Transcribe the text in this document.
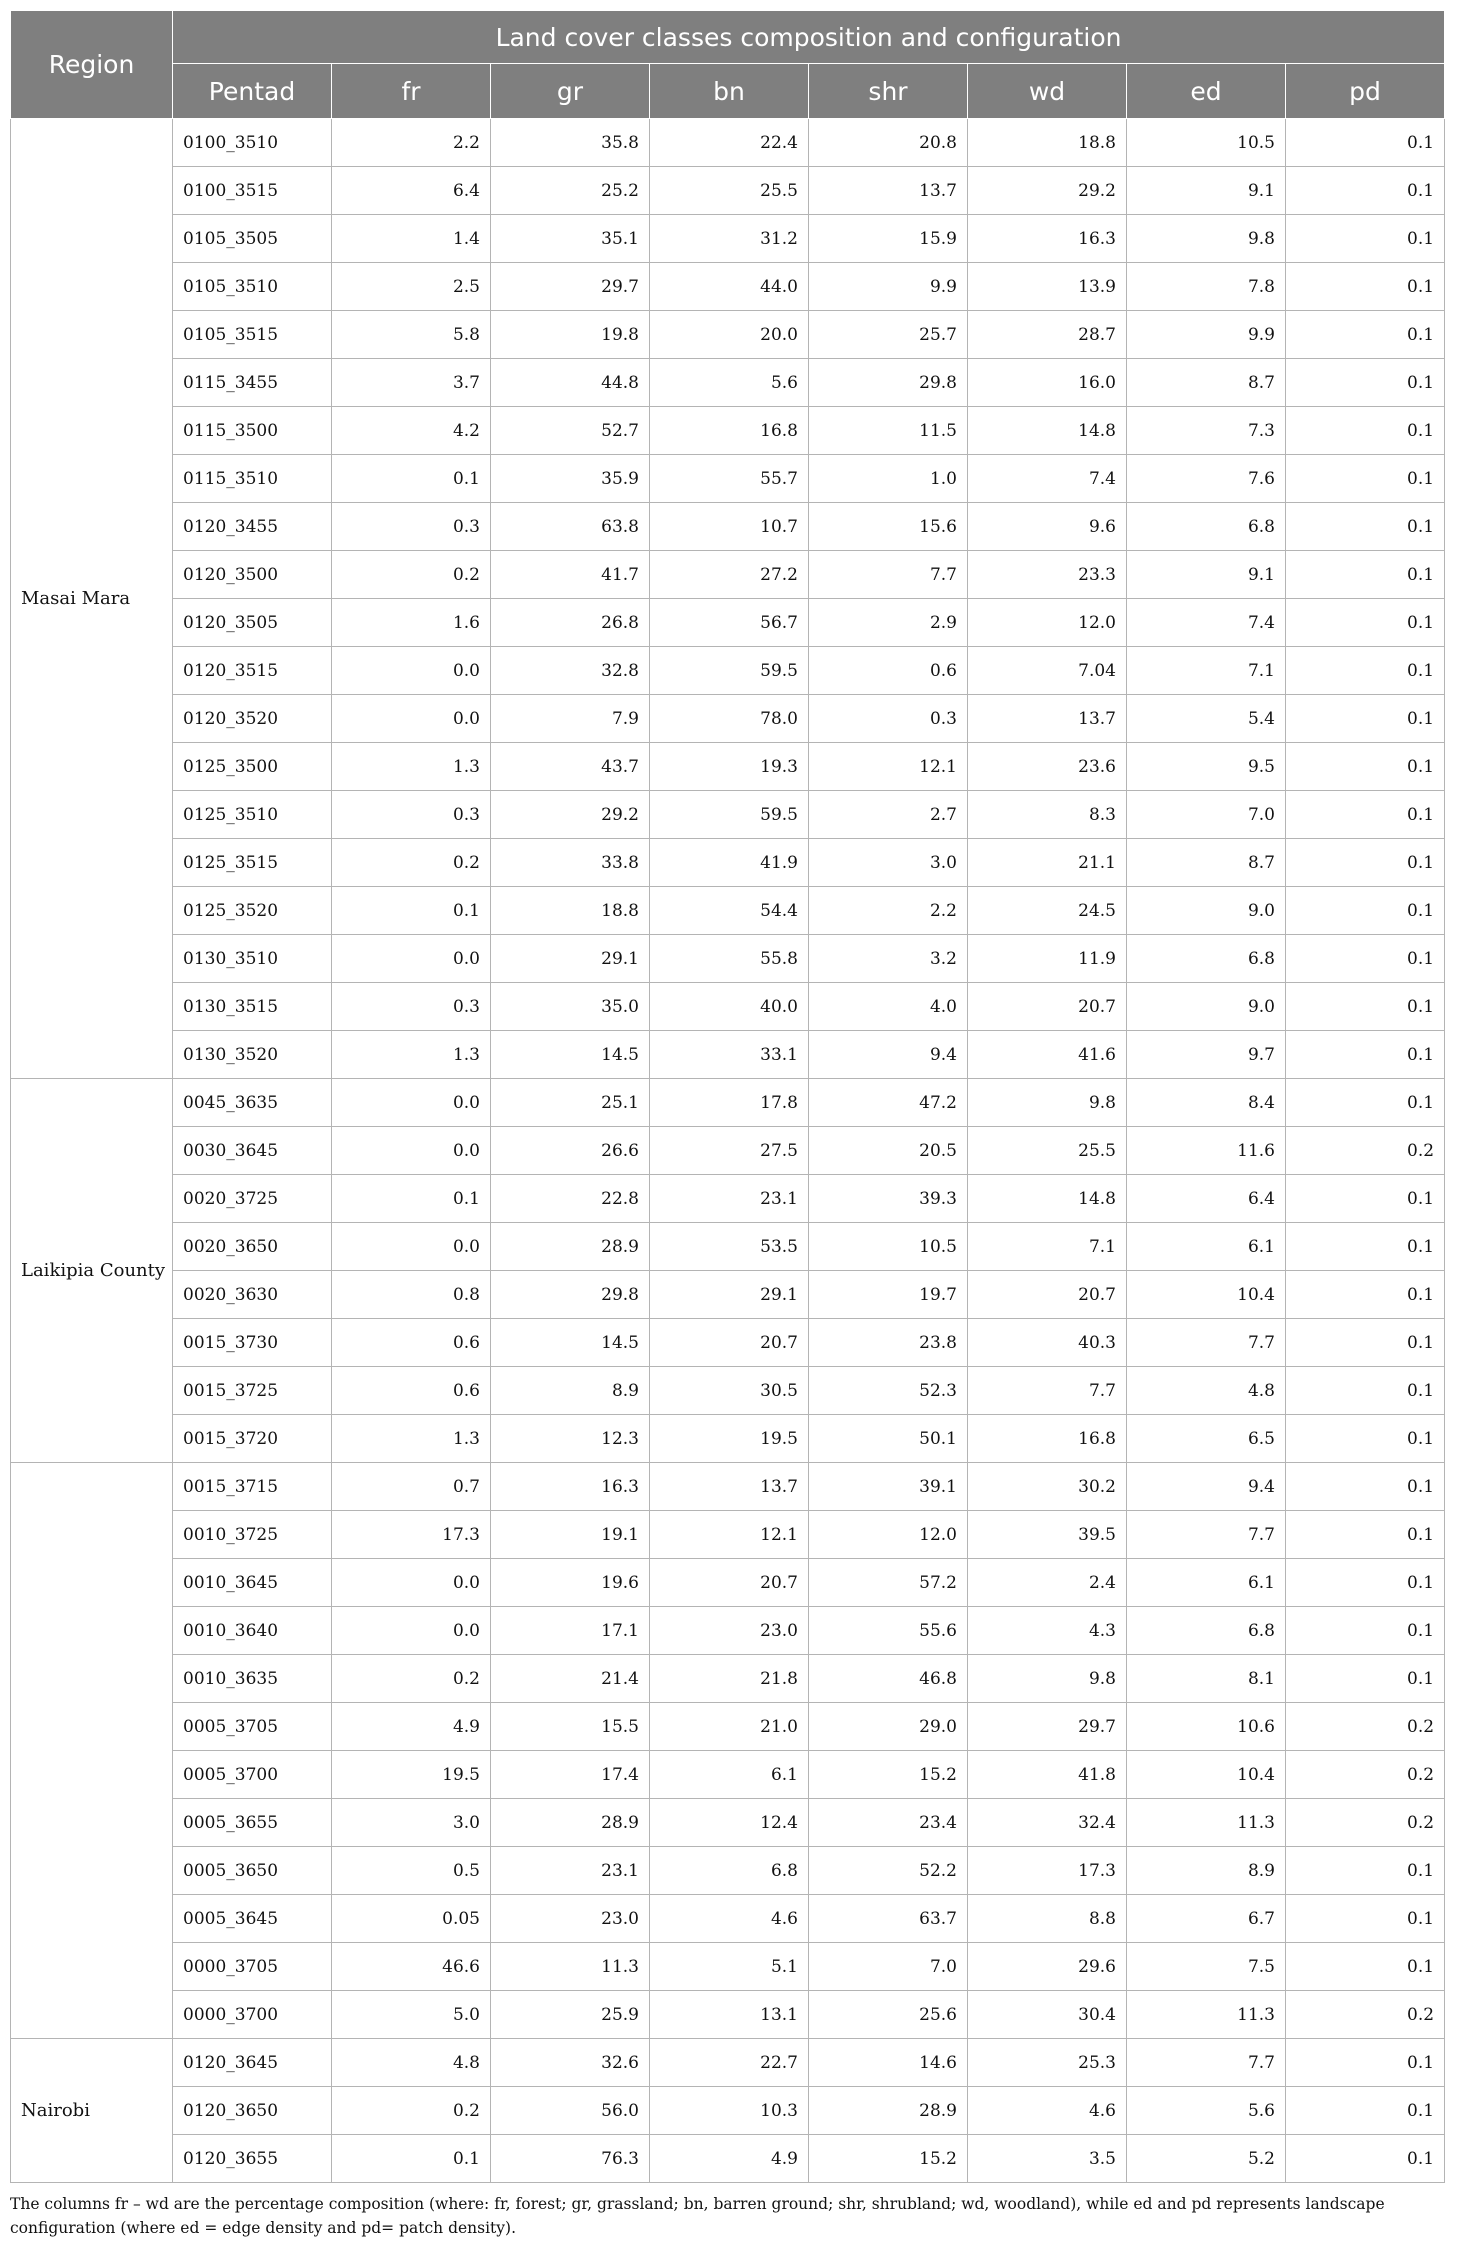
Region	Land cover classes composition and configuration							
	Pentad	fr	gr	bn	shr	wd	ed	pd
Masai Mara	0100_3510	2.2	35.8	22.4	20.8	18.8	10.5	0.1
	0100_3515	6.4	25.2	25.5	13.7	29.2	9.1	0.1
	0105_3505	1.4	35.1	31.2	15.9	16.3	9.8	0.1
	0105_3510	2.5	29.7	44.0	9.9	13.9	7.8	0.1
	0105_3515	5.8	19.8	20.0	25.7	28.7	9.9	0.1
	0115_3455	3.7	44.8	5.6	29.8	16.0	8.7	0.1
	0115_3500	4.2	52.7	16.8	11.5	14.8	7.3	0.1
	0115_3510	0.1	35.9	55.7	1.0	7.4	7.6	0.1
	0120_3455	0.3	63.8	10.7	15.6	9.6	6.8	0.1
	0120_3500	0.2	41.7	27.2	7.7	23.3	9.1	0.1
	0120_3505	1.6	26.8	56.7	2.9	12.0	7.4	0.1
	0120_3515	0.0	32.8	59.5	0.6	7.04	7.1	0.1
	0120_3520	0.0	7.9	78.0	0.3	13.7	5.4	0.1
	0125_3500	1.3	43.7	19.3	12.1	23.6	9.5	0.1
	0125_3510	0.3	29.2	59.5	2.7	8.3	7.0	0.1
	0125_3515	0.2	33.8	41.9	3.0	21.1	8.7	0.1
	0125_3520	0.1	18.8	54.4	2.2	24.5	9.0	0.1
	0130_3510	0.0	29.1	55.8	3.2	11.9	6.8	0.1
	0130_3515	0.3	35.0	40.0	4.0	20.7	9.0	0.1
	0130_3520	1.3	14.5	33.1	9.4	41.6	9.7	0.1
Laikipia County	0045_3635	0.0	25.1	17.8	47.2	9.8	8.4	0.1
	0030_3645	0.0	26.6	27.5	20.5	25.5	11.6	0.2
	0020_3725	0.1	22.8	23.1	39.3	14.8	6.4	0.1
	0020_3650	0.0	28.9	53.5	10.5	7.1	6.1	0.1
	0020_3630	0.8	29.8	29.1	19.7	20.7	10.4	0.1
	0015_3730	0.6	14.5	20.7	23.8	40.3	7.7	0.1
	0015_3725	0.6	8.9	30.5	52.3	7.7	4.8	0.1
	0015_3720	1.3	12.3	19.5	50.1	16.8	6.5	0.1
	0015_3715	0.7	16.3	13.7	39.1	30.2	9.4	0.1
	0010_3725	17.3	19.1	12.1	12.0	39.5	7.7	0.1
	0010_3645	0.0	19.6	20.7	57.2	2.4	6.1	0.1
	0010_3640	0.0	17.1	23.0	55.6	4.3	6.8	0.1
	0010_3635	0.2	21.4	21.8	46.8	9.8	8.1	0.1
	0005_3705	4.9	15.5	21.0	29.0	29.7	10.6	0.2
	0005_3700	19.5	17.4	6.1	15.2	41.8	10.4	0.2
	0005_3655	3.0	28.9	12.4	23.4	32.4	11.3	0.2
	0005_3650	0.5	23.1	6.8	52.2	17.3	8.9	0.1
	0005_3645	0.05	23.0	4.6	63.7	8.8	6.7	0.1
	0000_3705	46.6	11.3	5.1	7.0	29.6	7.5	0.1
	0000_3700	5.0	25.9	13.1	25.6	30.4	11.3	0.2
Nairobi	0120_3645	4.8	32.6	22.7	14.6	25.3	7.7	0.1
	0120_3650	0.2	56.0	10.3	28.9	4.6	5.6	0.1
	0120_3655	0.1	76.3	4.9	15.2	3.5	5.2	0.1
The columns fr – wd are the percentage composition (where: fr, forest; gr, grassland; bn, barren ground; shr, shrubland; wd, woodland), while ed and pd represents landscape configuration (where ed = edge density and pd= patch density).
